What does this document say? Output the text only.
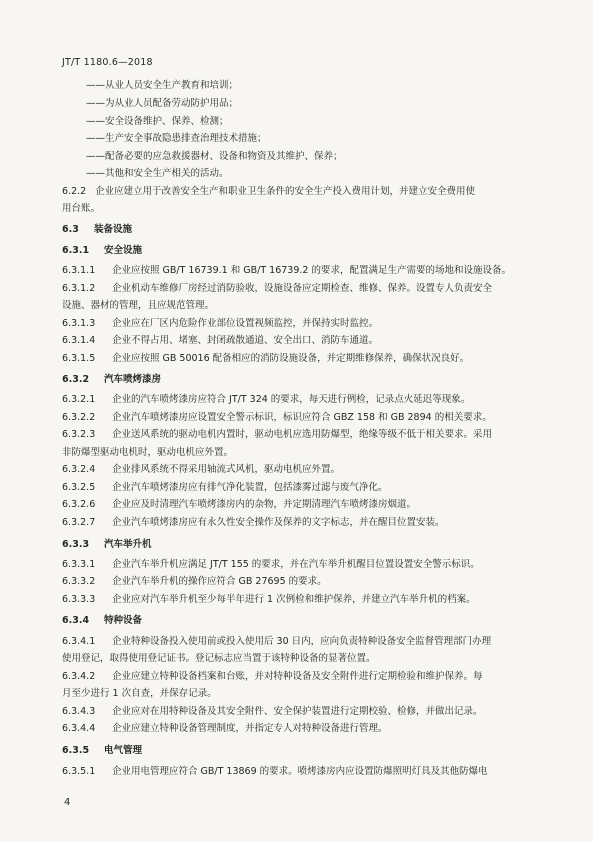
JT/T 1180.6—2018
——从业人员安全生产教育和培训；
——为从业人员配备劳动防护用品；
——安全设备维护、保养、检测；
——生产安全事故隐患排查治理技术措施；
——配备必要的应急救援器材、设备和物资及其维护、保养；
——其他和安全生产相关的活动。
6.2.2 企业应建立用于改善安全生产和职业卫生条件的安全生产投入费用计划，并建立安全费用使
用台账。
6.3 装备设施
6.3.1 安全设施
6.3.1.1 企业应按照 GB/T 16739.1 和 GB/T 16739.2 的要求，配置满足生产需要的场地和设施设备。
6.3.1.2 企业机动车维修厂房经过消防验收，设施设备应定期检查、维修、保养。设置专人负责安全
设施、器材的管理，且应规范管理。
6.3.1.3 企业应在厂区内危险作业部位设置视频监控，并保持实时监控。
6.3.1.4 企业不得占用、堵塞、封闭疏散通道、安全出口、消防车通道。
6.3.1.5 企业应按照 GB 50016 配备相应的消防设施设备，并定期维修保养，确保状况良好。
6.3.2 汽车喷烤漆房
6.3.2.1 企业的汽车喷烤漆房应符合 JT/T 324 的要求，每天进行例检，记录点火延迟等现象。
6.3.2.2 企业汽车喷烤漆房应设置安全警示标识，标识应符合 GBZ 158 和 GB 2894 的相关要求。
6.3.2.3 企业送风系统的驱动电机内置时，驱动电机应选用防爆型，绝缘等级不低于相关要求。采用
非防爆型驱动电机时，驱动电机应外置。
6.3.2.4 企业排风系统不得采用轴流式风机，驱动电机应外置。
6.3.2.5 企业汽车喷烤漆房应有排气净化装置，包括漆雾过滤与废气净化。
6.3.2.6 企业应及时清理汽车喷烤漆房内的杂物，并定期清理汽车喷烤漆房烟道。
6.3.2.7 企业汽车喷烤漆房应有永久性安全操作及保养的文字标志，并在醒目位置安装。
6.3.3 汽车举升机
6.3.3.1 企业汽车举升机应满足 JT/T 155 的要求，并在汽车举升机醒目位置设置安全警示标识。
6.3.3.2 企业汽车举升机的操作应符合 GB 27695 的要求。
6.3.3.3 企业应对汽车举升机至少每半年进行 1 次例检和维护保养，并建立汽车举升机的档案。
6.3.4 特种设备
6.3.4.1 企业特种设备投入使用前或投入使用后 30 日内，应向负责特种设备安全监督管理部门办理
使用登记，取得使用登记证书。登记标志应当置于该特种设备的显著位置。
6.3.4.2 企业应建立特种设备档案和台账，并对特种设备及安全附件进行定期检验和维护保养。每
月至少进行 1 次自查，并保存记录。
6.3.4.3 企业应对在用特种设备及其安全附件、安全保护装置进行定期校验、检修，并做出记录。
6.3.4.4 企业应建立特种设备管理制度，并指定专人对特种设备进行管理。
6.3.5 电气管理
6.3.5.1 企业用电管理应符合 GB/T 13869 的要求。喷烤漆房内应设置防爆照明灯具及其他防爆电
4
